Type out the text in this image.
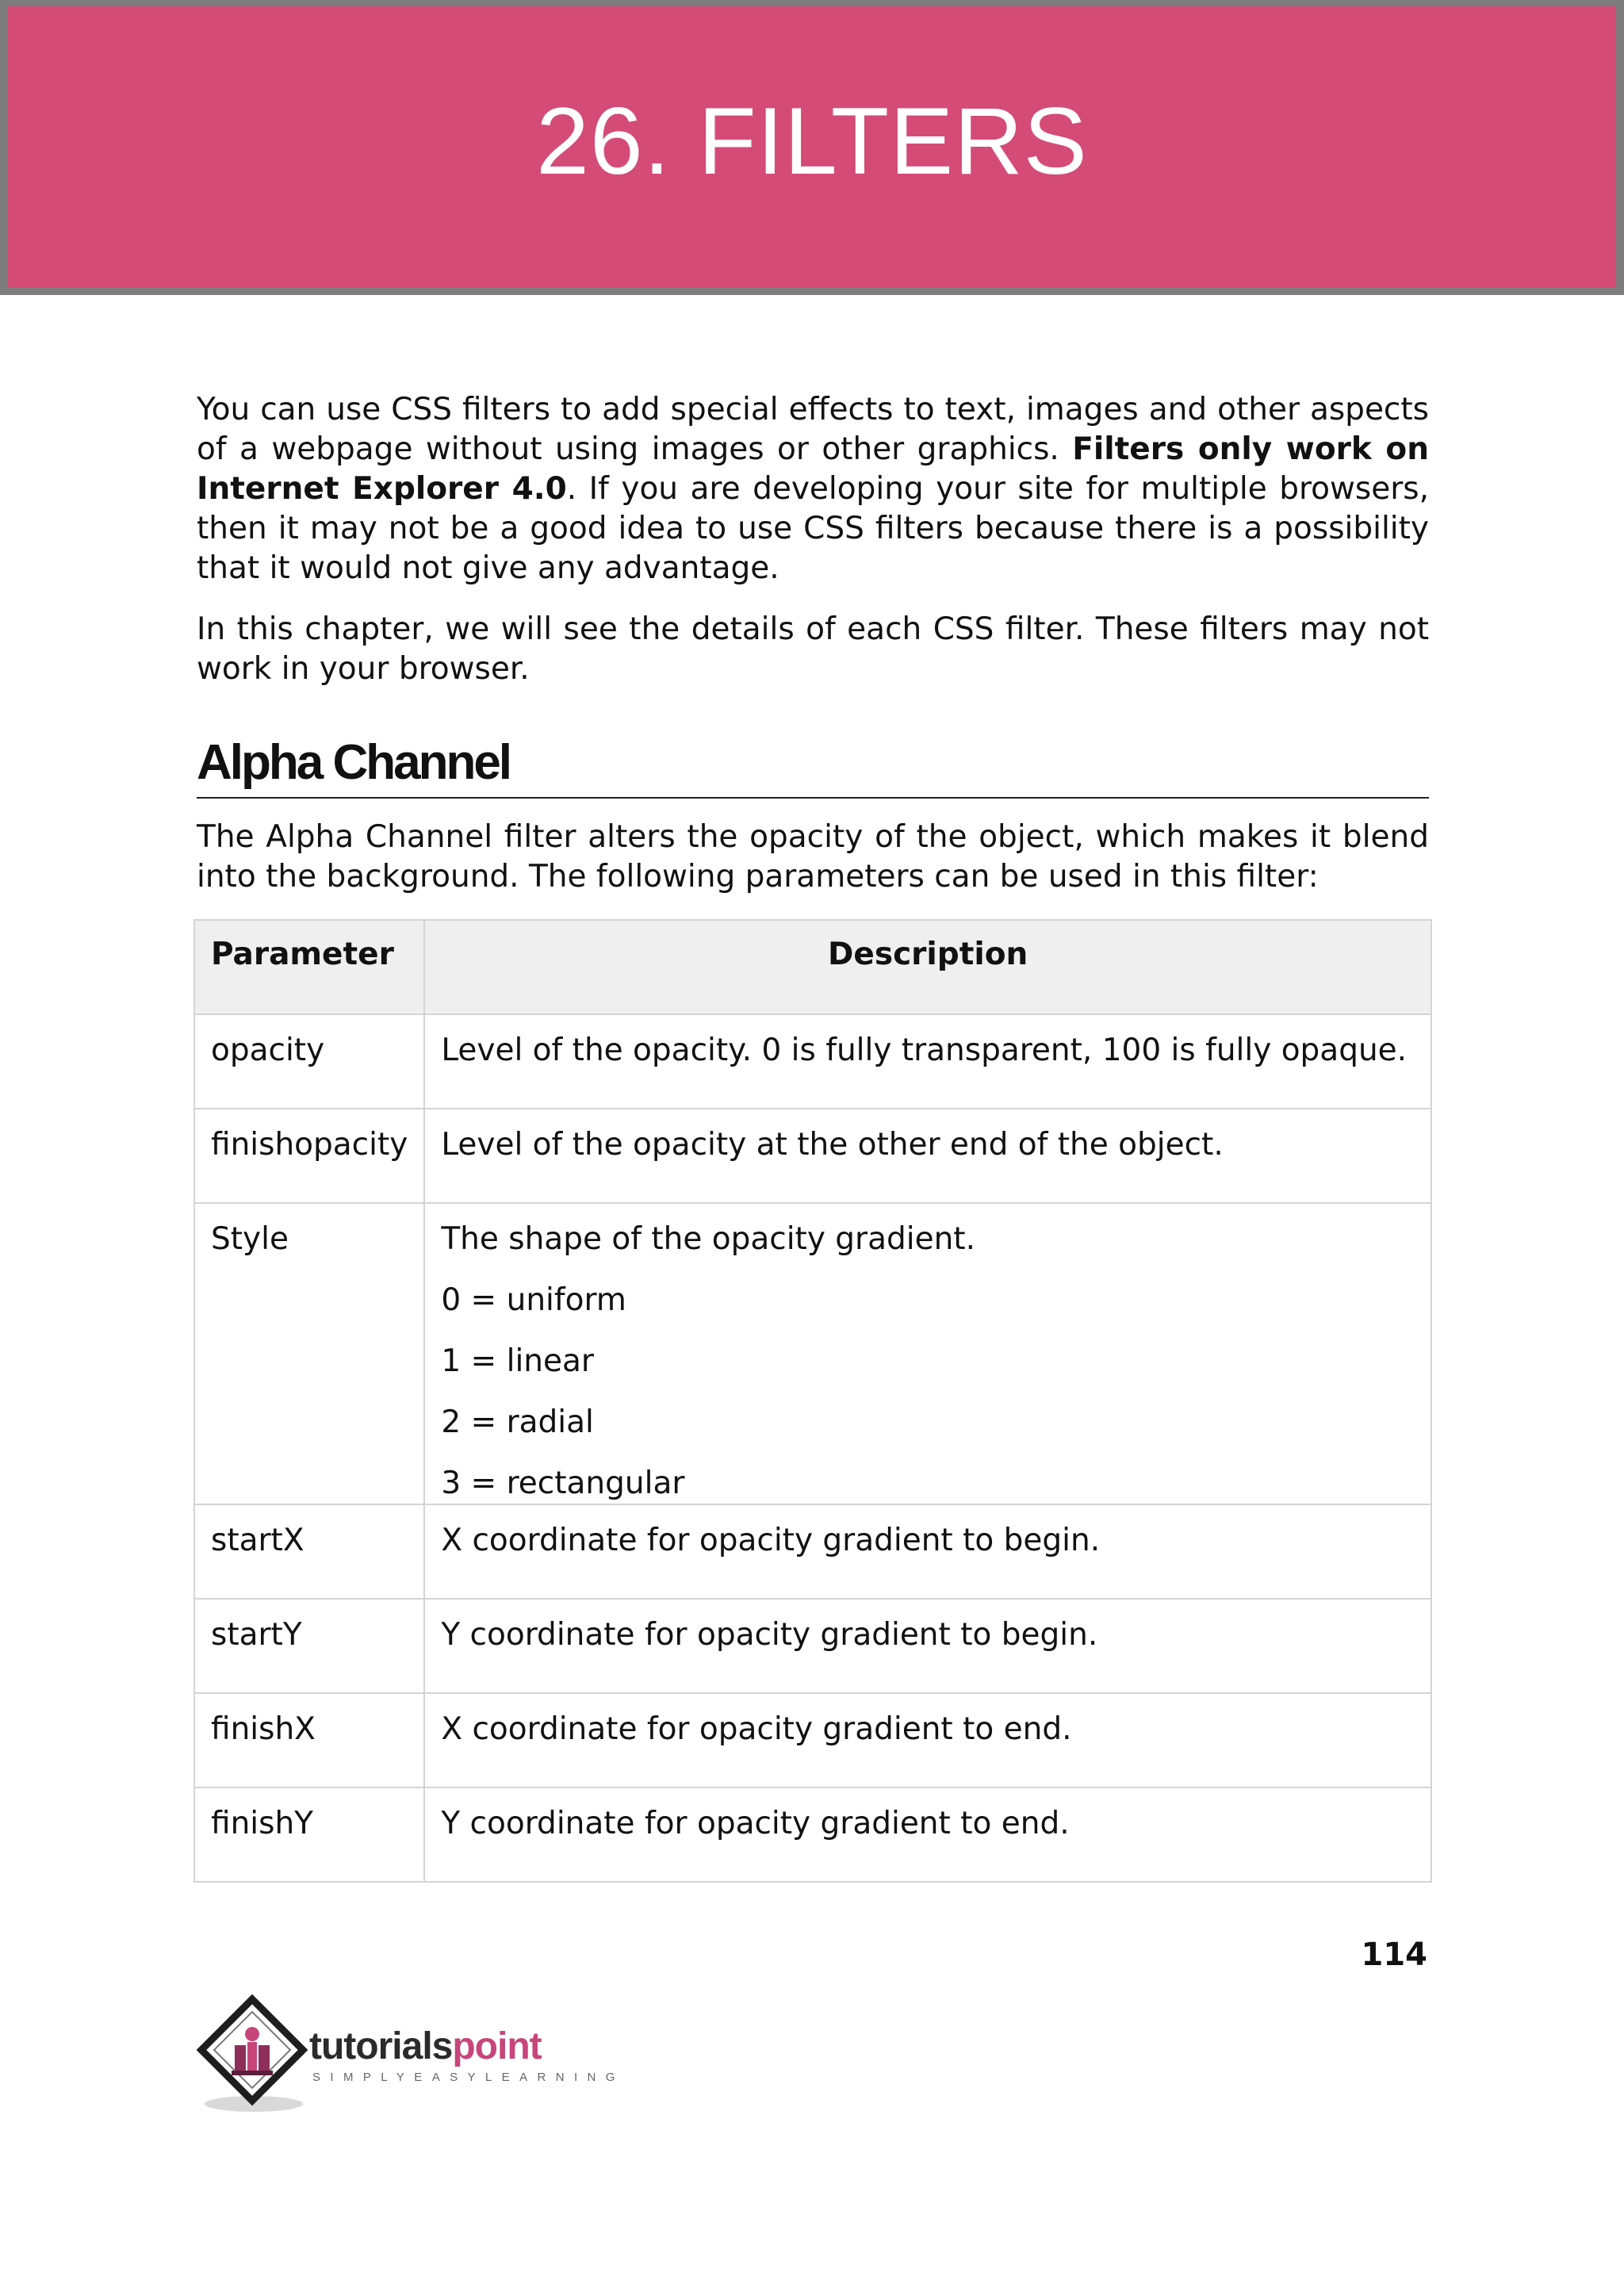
26. FILTERS

You can use CSS filters to add special effects to text, images and other aspects of a webpage without using images or other graphics. Filters only work on Internet Explorer 4.0. If you are developing your site for multiple browsers, then it may not be a good idea to use CSS filters because there is a possibility that it would not give any advantage.

In this chapter, we will see the details of each CSS filter. These filters may not work in your browser.

Alpha Channel

The Alpha Channel filter alters the opacity of the object, which makes it blend into the background. The following parameters can be used in this filter:

Parameter	Description
opacity	Level of the opacity. 0 is fully transparent, 100 is fully opaque.
finishopacity	Level of the opacity at the other end of the object.
Style	The shape of the opacity gradient.
0 = uniform
1 = linear
2 = radial
3 = rectangular

startX	X coordinate for opacity gradient to begin.
startY	Y coordinate for opacity gradient to begin.
finishX	X coordinate for opacity gradient to end.
finishY	Y coordinate for opacity gradient to end.
114
tutorialspoint
SIMPLYEASYLEARNING
